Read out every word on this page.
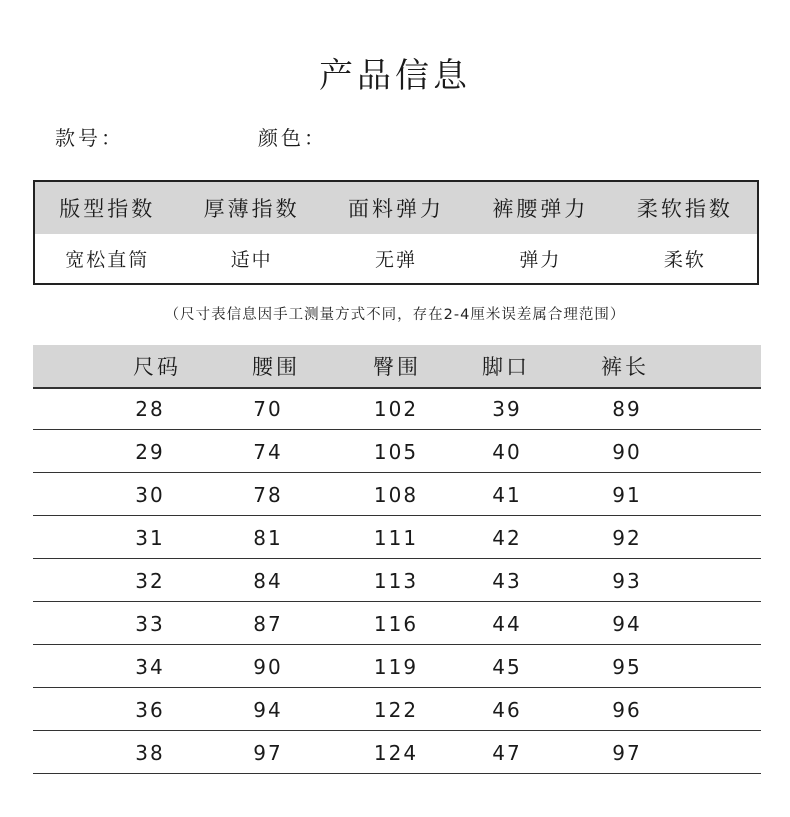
产品信息
款号：	颜色：
版型指数	厚薄指数	面料弹力	裤腰弹力	柔软指数
宽松直筒	适中	无弹	弹力	柔软
（尺寸表信息因手工测量方式不同，存在2-4厘米误差属合理范围）
尺码	腰围	臀围	脚口	裤长
28	70	102	39	89
29	74	105	40	90
30	78	108	41	91
31	81	111	42	92
32	84	113	43	93
33	87	116	44	94
34	90	119	45	95
36	94	122	46	96
38	97	124	47	97
